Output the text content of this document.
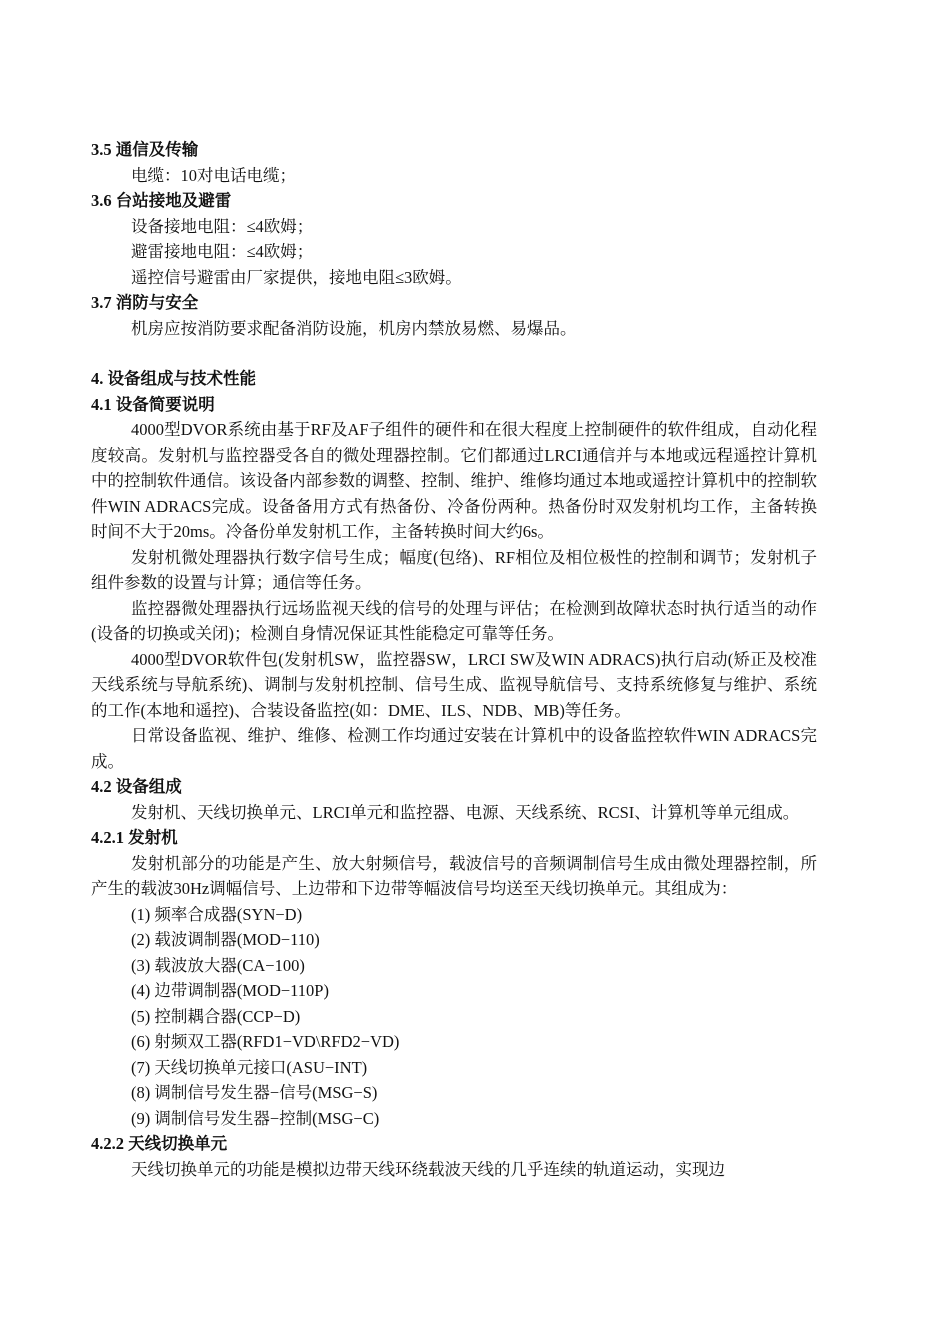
3.5 通信及传输

电缆：10对电话电缆；

3.6 台站接地及避雷

设备接地电阻：≤4欧姆；

避雷接地电阻：≤4欧姆；

遥控信号避雷由厂家提供，接地电阻≤3欧姆。

3.7 消防与安全

机房应按消防要求配备消防设施，机房内禁放易燃、易爆品。

4. 设备组成与技术性能
4.1 设备简要说明

4000型DVOR系统由基于RF及AF子组件的硬件和在很大程度上控制硬件的软件组成，自动化程度较高。发射机与监控器受各自的微处理器控制。它们都通过LRCI通信并与本地或远程遥控计算机中的控制软件通信。该设备内部参数的调整、控制、维护、维修均通过本地或遥控计算机中的控制软件WIN ADRACS完成。设备备用方式有热备份、冷备份两种。热备份时双发射机均工作，主备转换时间不大于20ms。冷备份单发射机工作，主备转换时间大约6s。

发射机微处理器执行数字信号生成；幅度(包络)、RF相位及相位极性的控制和调节；发射机子组件参数的设置与计算；通信等任务。

监控器微处理器执行远场监视天线的信号的处理与评估；在检测到故障状态时执行适当的动作(设备的切换或关闭)；检测自身情况保证其性能稳定可靠等任务。

4000型DVOR软件包(发射机SW，监控器SW，LRCI SW及WIN ADRACS)执行启动(矫正及校准天线系统与导航系统)、调制与发射机控制、信号生成、监视导航信号、支持系统修复与维护、系统的工作(本地和遥控)、合装设备监控(如：DME、ILS、NDB、MB)等任务。

日常设备监视、维护、维修、检测工作均通过安装在计算机中的设备监控软件WIN ADRACS完成。

4.2 设备组成

发射机、天线切换单元、LRCI单元和监控器、电源、天线系统、RCSI、计算机等单元组成。

4.2.1 发射机

发射机部分的功能是产生、放大射频信号，载波信号的音频调制信号生成由微处理器控制，所产生的载波30Hz调幅信号、上边带和下边带等幅波信号均送至天线切换单元。其组成为：

(1) 频率合成器(SYN−D)
(2) 载波调制器(MOD−110)
(3) 载波放大器(CA−100)
(4) 边带调制器(MOD−110P)
(5) 控制耦合器(CCP−D)
(6) 射频双工器(RFD1−VD\RFD2−VD)
(7) 天线切换单元接口(ASU−INT)
(8) 调制信号发生器−信号(MSG−S)
(9) 调制信号发生器−控制(MSG−C)
4.2.2 天线切换单元

天线切换单元的功能是模拟边带天线环绕载波天线的几乎连续的轨道运动，实现边
